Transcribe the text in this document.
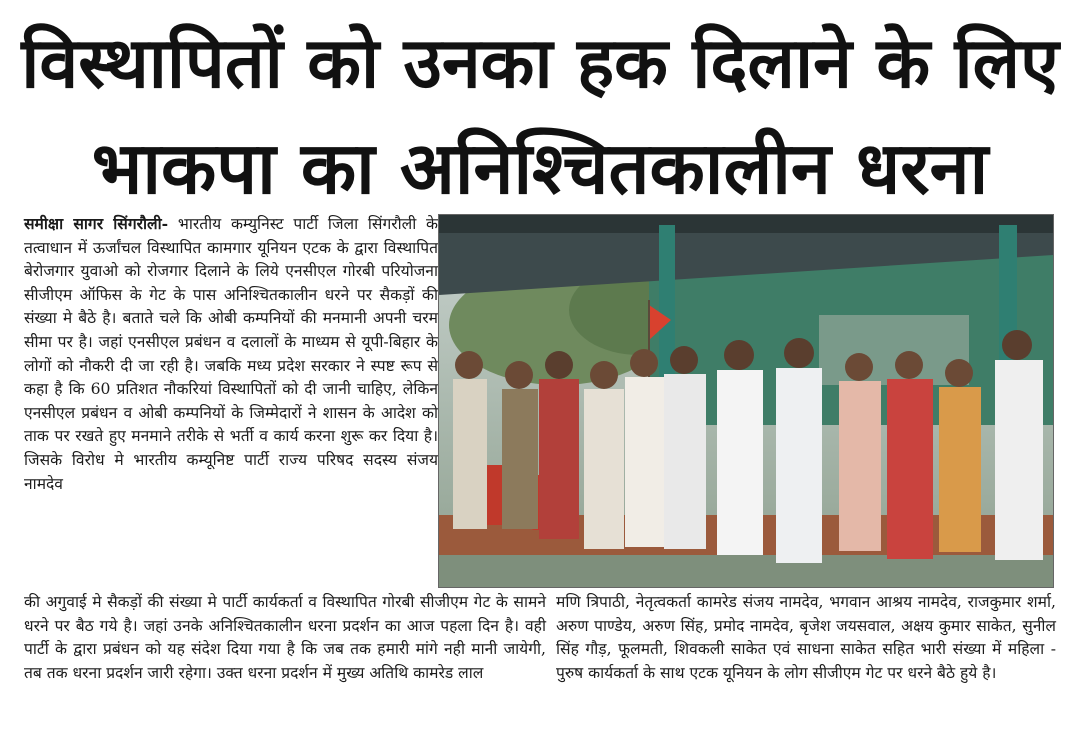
विस्थापितों को उनका हक दिलाने के लिए
भाकपा का अनिश्चितकालीन धरना
समीक्षा सागर सिंगरौली- भारतीय कम्युनिस्ट पार्टी जिला सिंगरौली के तत्वाधान में ऊर्जांचल विस्थापित कामगार यूनियन एटक के द्वारा विस्थापित बेरोजगार युवाओ को रोजगार दिलाने के लिये एनसीएल गोरबी परियोजना सीजीएम ऑफिस के गेट के पास अनिश्चितकालीन धरने पर सैकड़ों की संख्या मे बैठे है। बताते चले कि ओबी कम्पनियों की मनमानी अपनी चरम सीमा पर है। जहां एनसीएल प्रबंधन व दलालों के माध्यम से यूपी-बिहार के लोगों को नौकरी दी जा रही है। जबकि मध्य प्रदेश सरकार ने स्पष्ट रूप से कहा है कि 60 प्रतिशत नौकरियां विस्थापितों को दी जानी चाहिए, लेकिन एनसीएल प्रबंधन व ओबी कम्पनियों के जिम्मेदारों ने शासन के आदेश को ताक पर रखते हुए मनमाने तरीके से भर्ती व कार्य करना शुरू कर दिया है। जिसके विरोध मे भारतीय कम्यूनिष्ट पार्टी राज्य परिषद सदस्य संजय नामदेव
की अगुवाई मे सैकड़ों की संख्या मे पार्टी कार्यकर्ता व विस्थापित गोरबी सीजीएम गेट के सामने धरने पर बैठ गये है। जहां उनके अनिश्चितकालीन धरना प्रदर्शन का आज पहला दिन है। वही पार्टी के द्वारा प्रबंधन को यह संदेश दिया गया है कि जब तक हमारी मांगे नही मानी जायेगी, तब तक धरना प्रदर्शन जारी रहेगा। उक्त धरना प्रदर्शन में मुख्य अतिथि कामरेड लाल
मणि त्रिपाठी, नेतृत्वकर्ता कामरेड संजय नामदेव, भगवान आश्रय नामदेव, राजकुमार शर्मा, अरुण पाण्डेय, अरुण सिंह, प्रमोद नामदेव, बृजेश जयसवाल, अक्षय कुमार साकेत, सुनील सिंह गौड़, फूलमती, शिवकली साकेत एवं साधना साकेत सहित भारी संख्या में महिला - पुरुष कार्यकर्ता के साथ एटक यूनियन के लोग सीजीएम गेट पर धरने बैठे हुये है।
